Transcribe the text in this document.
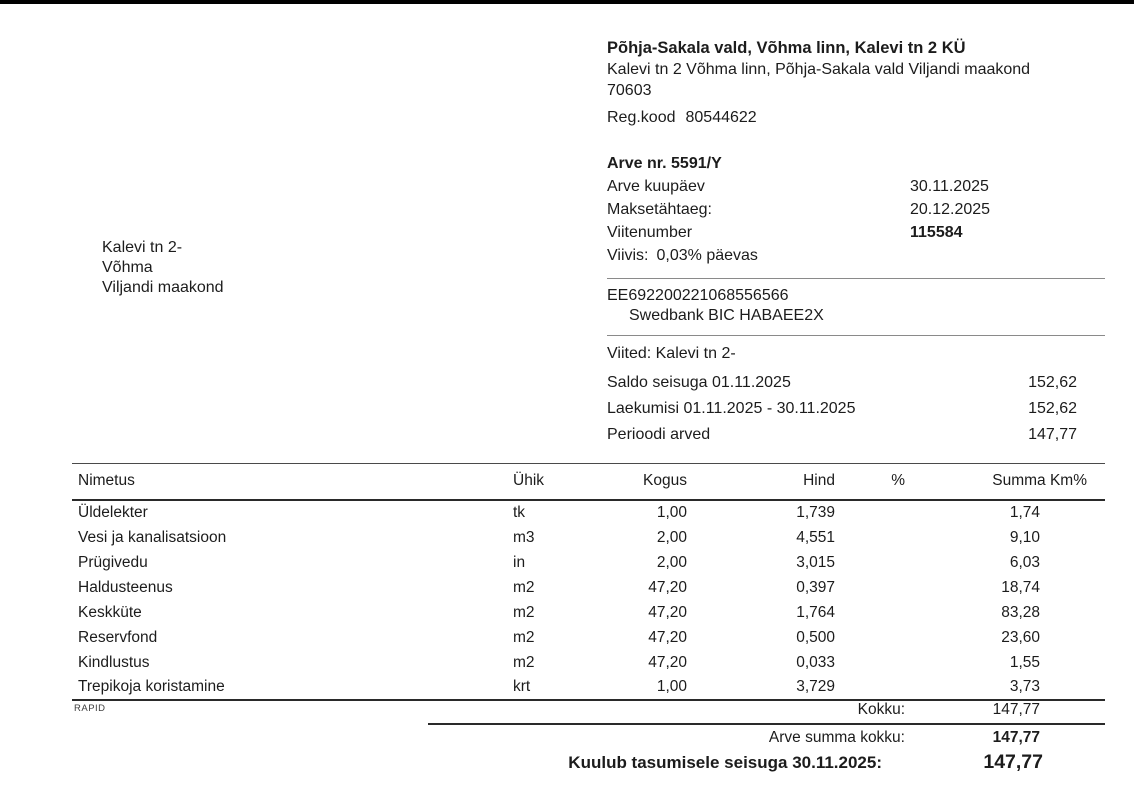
Põhja-Sakala vald, Võhma linn, Kalevi tn 2 KÜ
Kalevi tn 2 Võhma linn, Põhja-Sakala vald Viljandi maakond
70603
Reg.kood 80544622
Arve nr. 5591/Y
Arve kuupäev	30.11.2025
Maksetähtaeg:	20.12.2025
Viitenumber	115584
Viivis: 0,03% päevas
EE692200221068556566
Swedbank BIC HABAEE2X
Viited: Kalevi tn 2-
Saldo seisuga 01.11.2025	152,62
Laekumisi 01.11.2025 - 30.11.2025	152,62
Perioodi arved	147,77
Kalevi tn 2-
Võhma
Viljandi maakond
Nimetus	Ühik	Kogus	Hind	%	Summa Km%
Üldelekter	tk	1,00	1,739		1,74
Vesi ja kanalisatsioon	m3	2,00	4,551		9,10
Prügivedu	in	2,00	3,015		6,03
Haldusteenus	m2	47,20	0,397		18,74
Keskküte	m2	47,20	1,764		83,28
Reservfond	m2	47,20	0,500		23,60
Kindlustus	m2	47,20	0,033		1,55
Trepikoja koristamine	krt	1,00	3,729		3,73
RAPID	Kokku:	147,77
Arve summa kokku:	147,77
Kuulub tasumisele seisuga 30.11.2025:	147,77
